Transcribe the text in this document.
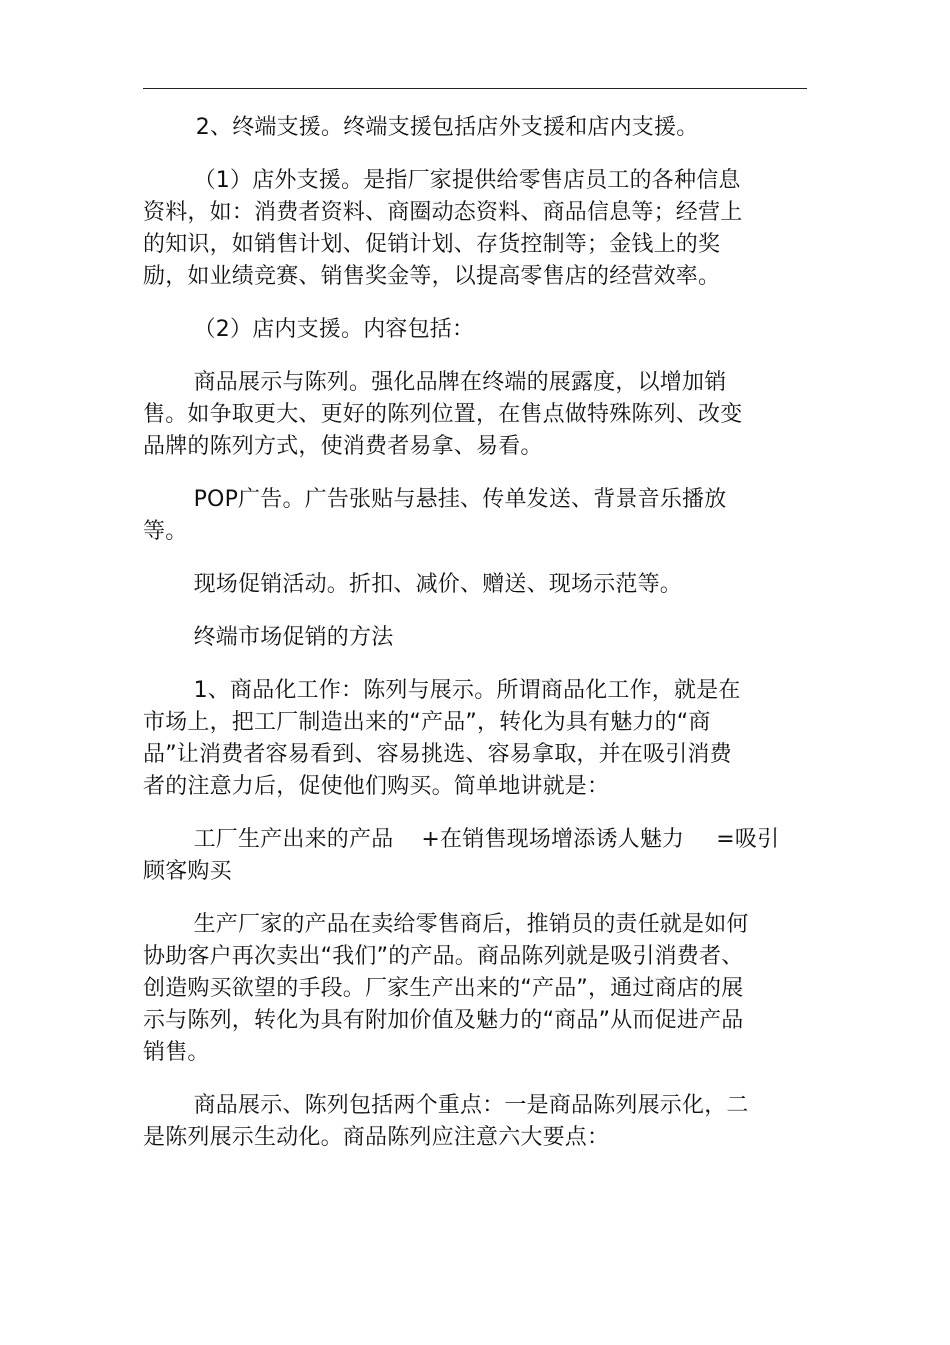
2、终端支援。终端支援包括店外支援和店内支援。

（1）店外支援。是指厂家提供给零售店员工的各种信息资料，如：消费者资料、商圈动态资料、商品信息等；经营上的知识，如销售计划、促销计划、存货控制等；金钱上的奖励，如业绩竞赛、销售奖金等，以提高零售店的经营效率。

（2）店内支援。内容包括：

商品展示与陈列。强化品牌在终端的展露度，以增加销售。如争取更大、更好的陈列位置，在售点做特殊陈列、改变品牌的陈列方式，使消费者易拿、易看。

POP广告。广告张贴与悬挂、传单发送、背景音乐播放等。

现场促销活动。折扣、减价、赠送、现场示范等。

终端市场促销的方法

1、商品化工作：陈列与展示。所谓商品化工作，就是在市场上，把工厂制造出来的“产品”，转化为具有魅力的“商品”让消费者容易看到、容易挑选、容易拿取，并在吸引消费者的注意力后，促使他们购买。简单地讲就是：

工厂生产出来的产品 +在销售现场增添诱人魅力 =吸引顾客购买

生产厂家的产品在卖给零售商后，推销员的责任就是如何协助客户再次卖出“我们”的产品。商品陈列就是吸引消费者、创造购买欲望的手段。厂家生产出来的“产品”，通过商店的展示与陈列，转化为具有附加价值及魅力的“商品”从而促进产品销售。

商品展示、陈列包括两个重点：一是商品陈列展示化，二是陈列展示生动化。商品陈列应注意六大要点：
